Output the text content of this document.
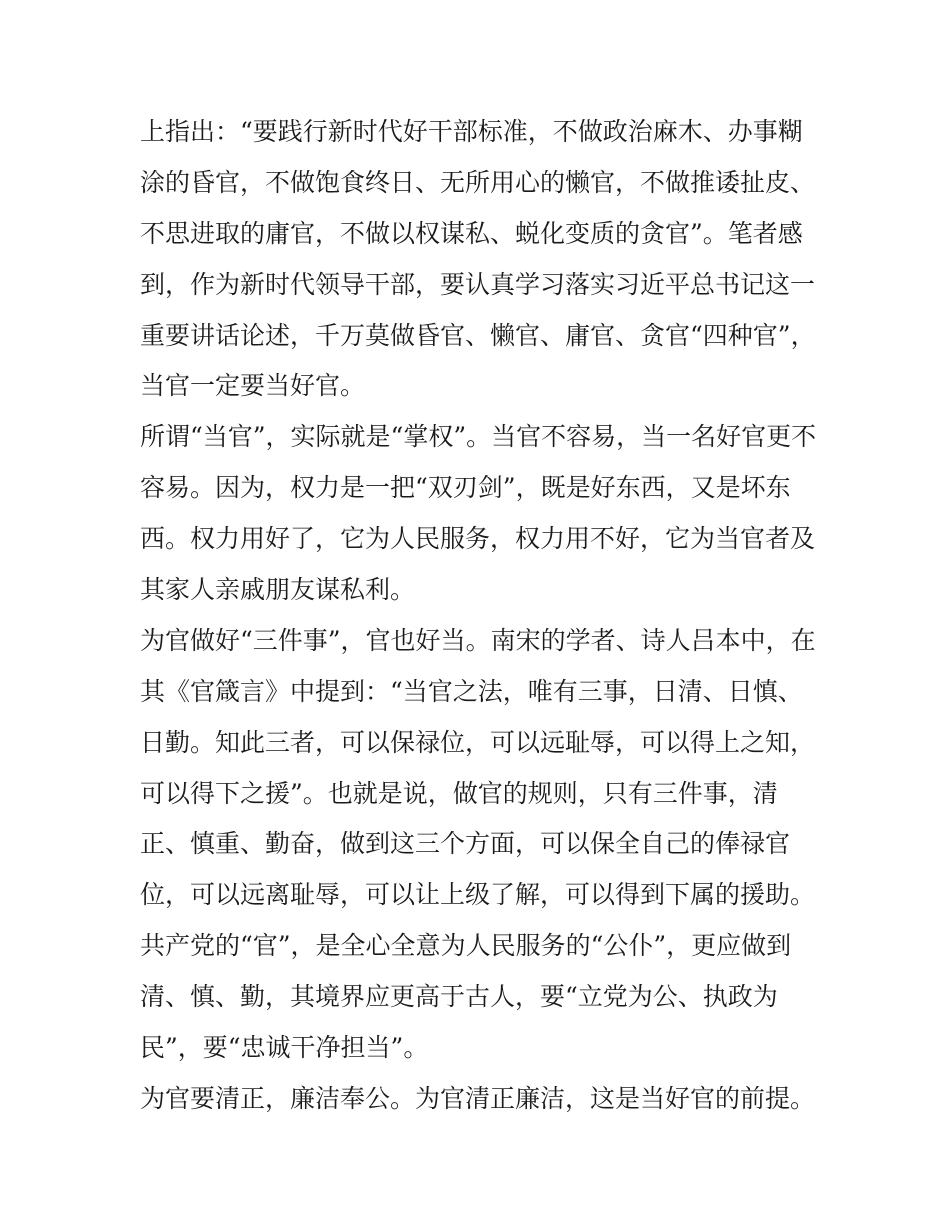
上指出：“要践行新时代好干部标准，不做政治麻木、办事糊
涂的昏官，不做饱食终日、无所用心的懒官，不做推诿扯皮、
不思进取的庸官，不做以权谋私、蜕化变质的贪官”。笔者感
到，作为新时代领导干部，要认真学习落实习近平总书记这一
重要讲话论述，千万莫做昏官、懒官、庸官、贪官“四种官”，
当官一定要当好官。
所谓“当官”，实际就是“掌权”。当官不容易，当一名好官更不
容易。因为，权力是一把“双刃剑”，既是好东西，又是坏东
西。权力用好了，它为人民服务，权力用不好，它为当官者及
其家人亲戚朋友谋私利。
为官做好“三件事”，官也好当。南宋的学者、诗人吕本中，在
其《官箴言》中提到：“当官之法，唯有三事，日清、日慎、
日勤。知此三者，可以保禄位，可以远耻辱，可以得上之知，
可以得下之援”。也就是说，做官的规则，只有三件事，清
正、慎重、勤奋，做到这三个方面，可以保全自己的俸禄官
位，可以远离耻辱，可以让上级了解，可以得到下属的援助。
共产党的“官”，是全心全意为人民服务的“公仆”，更应做到
清、慎、勤，其境界应更高于古人，要“立党为公、执政为
民”，要“忠诚干净担当”。
为官要清正，廉洁奉公。为官清正廉洁，这是当好官的前提。
